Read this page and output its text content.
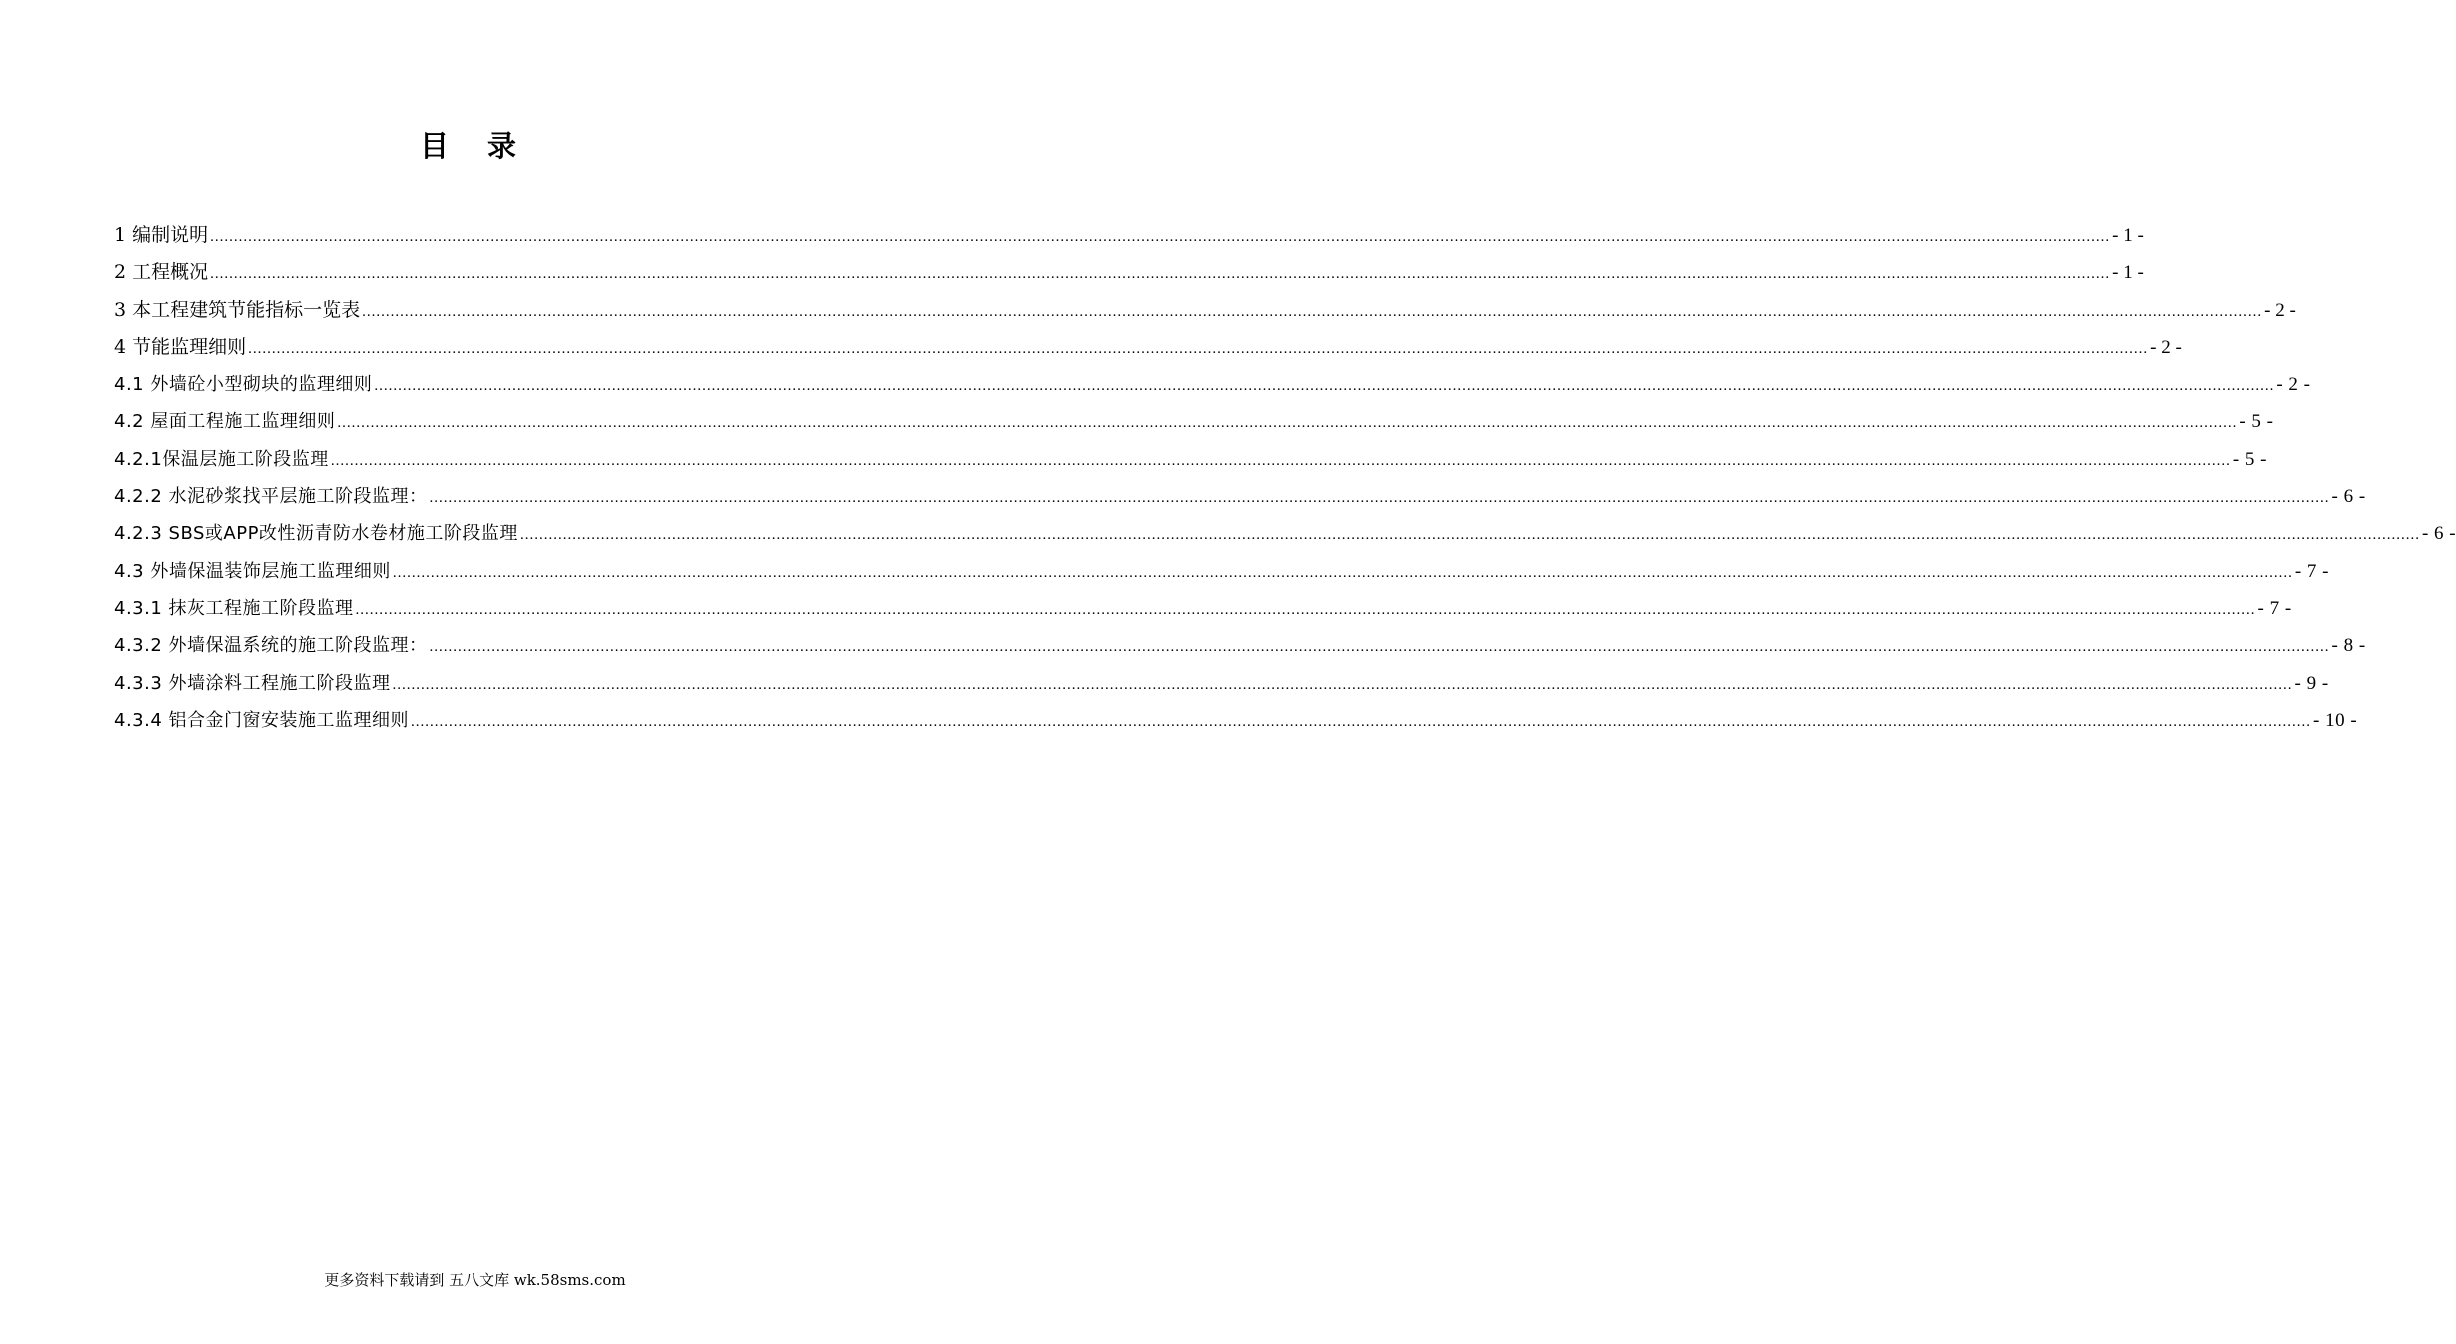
目 录
1 编制说明 ................................................................................................................................................................................................................................................................................................................................................................................................................ - 1 -
2 工程概况 ................................................................................................................................................................................................................................................................................................................................................................................................................ - 1 -
3 本工程建筑节能指标一览表 ................................................................................................................................................................................................................................................................................................................................................................................................................ - 2 -
4 节能监理细则 ................................................................................................................................................................................................................................................................................................................................................................................................................ - 2 -
4.1 外墙砼小型砌块的监理细则 ................................................................................................................................................................................................................................................................................................................................................................................................................ - 2 -
4.2 屋面工程施工监理细则 ................................................................................................................................................................................................................................................................................................................................................................................................................ - 5 -
4.2.1保温层施工阶段监理 ................................................................................................................................................................................................................................................................................................................................................................................................................ - 5 -
4.2.2 水泥砂浆找平层施工阶段监理： ................................................................................................................................................................................................................................................................................................................................................................................................................ - 6 -
4.2.3 SBS或APP改性沥青防水卷材施工阶段监理 ................................................................................................................................................................................................................................................................................................................................................................................................................ - 6 -
4.3 外墙保温装饰层施工监理细则 ................................................................................................................................................................................................................................................................................................................................................................................................................ - 7 -
4.3.1 抹灰工程施工阶段监理 ................................................................................................................................................................................................................................................................................................................................................................................................................ - 7 -
4.3.2 外墙保温系统的施工阶段监理： ................................................................................................................................................................................................................................................................................................................................................................................................................ - 8 -
4.3.3 外墙涂料工程施工阶段监理 ................................................................................................................................................................................................................................................................................................................................................................................................................ - 9 -
4.3.4 铝合金门窗安装施工监理细则 ................................................................................................................................................................................................................................................................................................................................................................................................................ - 10 -
更多资料下载请到 五八文库 wk.58sms.com
